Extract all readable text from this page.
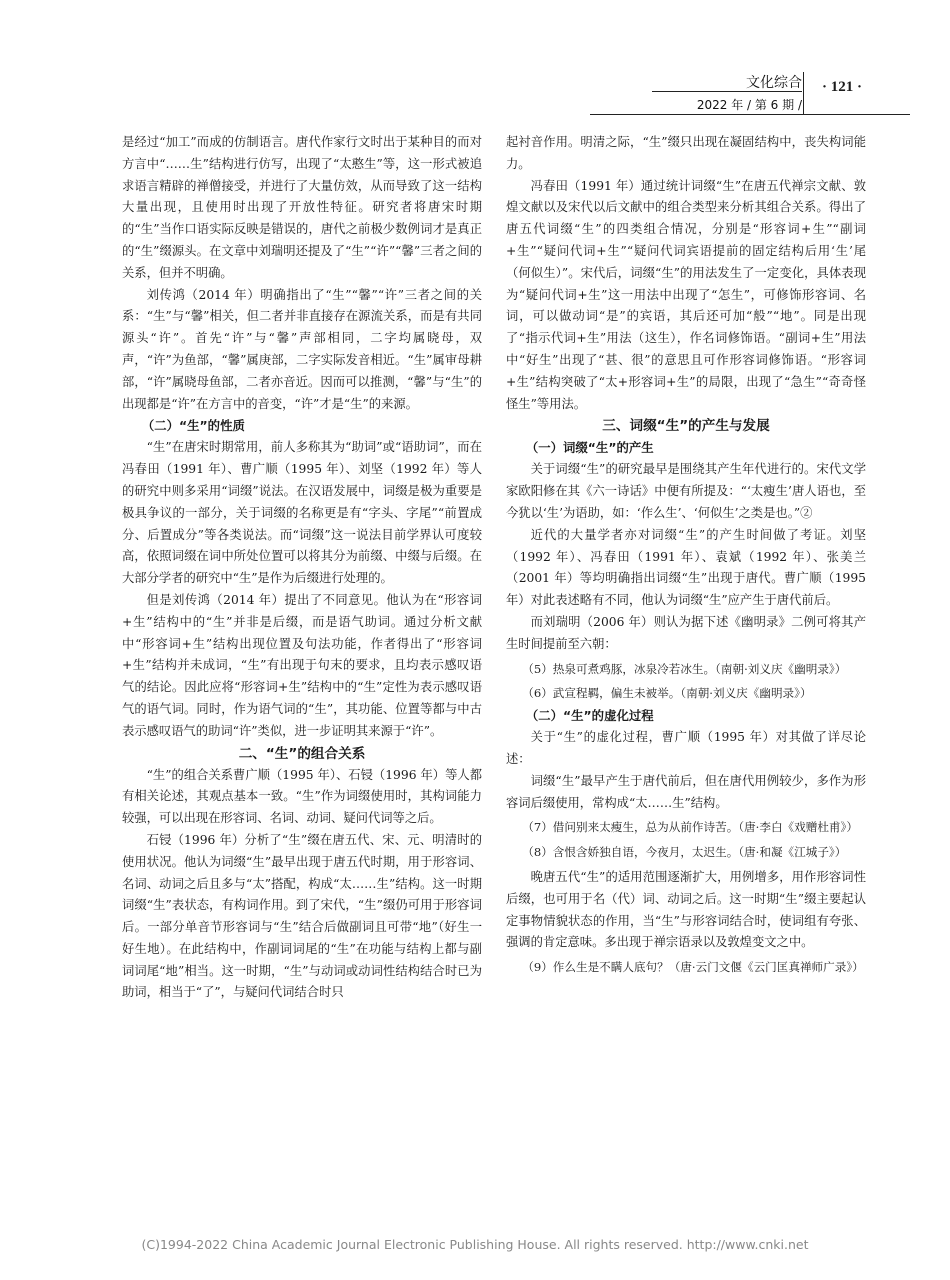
文化综合
2022 年 / 第 6 期 /
· 121 ·

是经过“加工”而成的仿制语言。唐代作家行文时出于某种目的而对方言中“……生”结构进行仿写，出现了“太憨生”等，这一形式被追求语言精辟的禅僧接受，并进行了大量仿效，从而导致了这一结构大量出现，且使用时出现了开放性特征。研究者将唐宋时期的“生”当作口语实际反映是错误的，唐代之前极少数例词才是真正的“生”缀源头。在文章中刘瑞明还提及了“生”“许”“馨”三者之间的关系，但并不明确。

刘传鸿（2014 年）明确指出了“生”“馨”“许”三者之间的关系：“生”与“馨”相关，但二者并非直接存在源流关系，而是有共同源头“许”。首先“许”与“馨”声部相同，二字均属晓母，双声，“许”为鱼部，“馨”属庚部，二字实际发音相近。“生”属审母耕部，“许”属晓母鱼部，二者亦音近。因而可以推测，“馨”与“生”的出现都是“许”在方言中的音变，“许”才是“生”的来源。

（二）“生”的性质

“生”在唐宋时期常用，前人多称其为“助词”或“语助词”，而在冯春田（1991 年）、曹广顺（1995 年）、刘坚（1992 年）等人的研究中则多采用“词缀”说法。在汉语发展中，词缀是极为重要是极具争议的一部分，关于词缀的名称更是有“字头、字尾”“前置成分、后置成分”等各类说法。而“词缀”这一说法目前学界认可度较高，依照词缀在词中所处位置可以将其分为前缀、中缀与后缀。在大部分学者的研究中“生”是作为后缀进行处理的。

但是刘传鸿（2014 年）提出了不同意见。他认为在“形容词+生”结构中的“生”并非是后缀，而是语气助词。通过分析文献中“形容词+生”结构出现位置及句法功能，作者得出了“形容词+生”结构并未成词，“生”有出现于句末的要求，且均表示感叹语气的结论。因此应将“形容词+生”结构中的“生”定性为表示感叹语气的语气词。同时，作为语气词的“生”，其功能、位置等都与中古表示感叹语气的助词“许”类似，进一步证明其来源于“许”。

二、“生”的组合关系

“生”的组合关系曹广顺（1995 年）、石锓（1996 年）等人都有相关论述，其观点基本一致。“生”作为词缀使用时，其构词能力较强，可以出现在形容词、名词、动词、疑问代词等之后。

石锓（1996 年）分析了“生”缀在唐五代、宋、元、明清时的使用状况。他认为词缀“生”最早出现于唐五代时期，用于形容词、名词、动词之后且多与“太”搭配，构成“太……生”结构。这一时期词缀“生”表状态，有构词作用。到了宋代，“生”缀仍可用于形容词后。一部分单音节形容词与“生”结合后做副词且可带“地”（好生一好生地）。在此结构中，作副词词尾的“生”在功能与结构上都与副词词尾“地”相当。这一时期，“生”与动词或动词性结构结合时已为助词，相当于“了”，与疑问代词结合时只

起衬音作用。明清之际，“生”缀只出现在凝固结构中，丧失构词能力。

冯春田（1991 年）通过统计词缀“生”在唐五代禅宗文献、敦煌文献以及宋代以后文献中的组合类型来分析其组合关系。得出了唐五代词缀“生”的四类组合情况，分别是“形容词+生”“副词+生”“疑问代词+生”“疑问代词宾语提前的固定结构后用‘生’尾（何似生）”。宋代后，词缀“生”的用法发生了一定变化，具体表现为“疑问代词+生”这一用法中出现了“怎生”，可修饰形容词、名词，可以做动词“是”的宾语，其后还可加“般”“地”。同是出现了“指示代词+生”用法（这生），作名词修饰语。“副词+生”用法中“好生”出现了“甚、很”的意思且可作形容词修饰语。“形容词+生”结构突破了“太+形容词+生”的局限，出现了“急生”“奇奇怪怪生”等用法。

三、词缀“生”的产生与发展
（一）词缀“生”的产生

关于词缀“生”的研究最早是围绕其产生年代进行的。宋代文学家欧阳修在其《六一诗话》中便有所提及：“‘太瘦生’唐人语也，至今犹以‘生’为语助，如：‘作么生’、‘何似生’之类是也。”②

近代的大量学者亦对词缀“生”的产生时间做了考证。刘坚（1992 年）、冯春田（1991 年）、袁斌（1992 年）、张美兰（2001 年）等均明确指出词缀“生”出现于唐代。曹广顺（1995 年）对此表述略有不同，他认为词缀“生”应产生于唐代前后。

而刘瑞明（2006 年）则认为据下述《幽明录》二例可将其产生时间提前至六朝：

（5）热泉可煮鸡豚，冰泉冷若冰生。（南朝·刘义庆《幽明录》）

（6）武宣程羁，偏生未被举。（南朝·刘义庆《幽明录》）

（二）“生”的虚化过程

关于“生”的虚化过程，曹广顺（1995 年）对其做了详尽论述：

词缀“生”最早产生于唐代前后，但在唐代用例较少，多作为形容词后缀使用，常构成“太……生”结构。

（7）借问别来太瘦生，总为从前作诗苦。（唐·李白《戏赠杜甫》）

（8）含恨含娇独自语，今夜月，太迟生。（唐·和凝《江城子》）

晚唐五代“生”的适用范围逐渐扩大，用例增多，用作形容词性后缀，也可用于名（代）词、动词之后。这一时期“生”缀主要起认定事物情貌状态的作用，当“生”与形容词结合时，使词组有夸张、强调的肯定意味。多出现于禅宗语录以及敦煌变文之中。

（9）作么生是不瞒人底句？（唐·云门文偃《云门匡真禅师广录》）

(C)1994-2022 China Academic Journal Electronic Publishing House. All rights reserved. http://www.cnki.net
